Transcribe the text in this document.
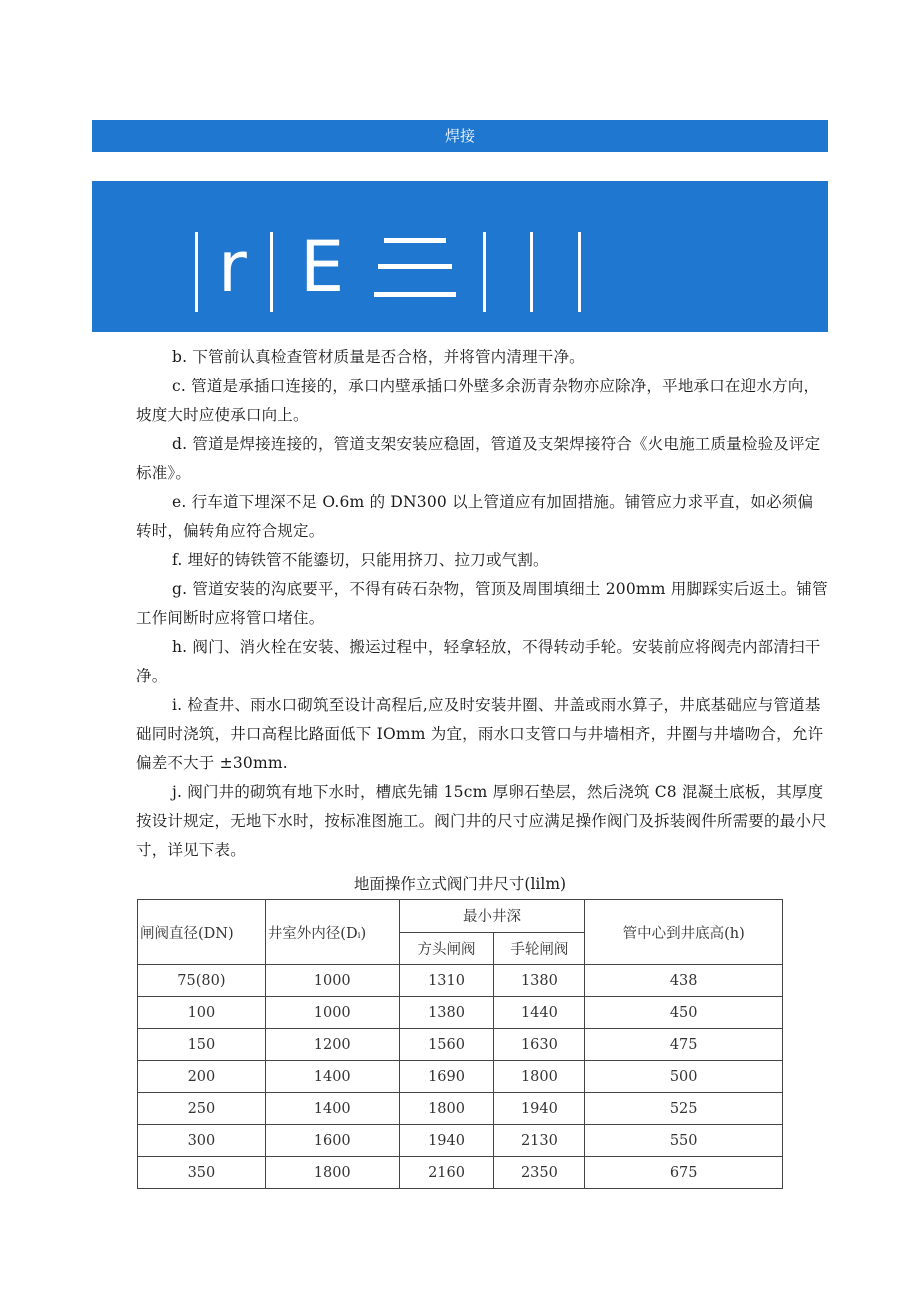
焊接
r E

b. 下管前认真检查管材质量是否合格，并将管内清理干净。

c. 管道是承插口连接的，承口内壁承插口外壁多余沥青杂物亦应除净，平地承口在迎水方向，坡度大时应使承口向上。

d. 管道是焊接连接的，管道支架安装应稳固，管道及支架焊接符合《火电施工质量检验及评定标准》。

e. 行车道下埋深不足 O.6m 的 DN300 以上管道应有加固措施。铺管应力求平直，如必须偏转时，偏转角应符合规定。

f. 埋好的铸铁管不能鎏切，只能用挤刀、拉刀或气割。

g. 管道安装的沟底要平，不得有砖石杂物，管顶及周围填细土 200mm 用脚踩实后返土。铺管工作间断时应将管口堵住。

h. 阀门、消火栓在安装、搬运过程中，轻拿轻放，不得转动手轮。安装前应将阀壳内部清扫干净。

i. 检查井、雨水口砌筑至设计高程后,应及时安装井圈、井盖或雨水算子，井底基础应与管道基础同时浇筑，井口高程比路面低下 IOmm 为宜，雨水口支管口与井墙相齐，井圈与井墙吻合，允许偏差不大于 ±30mm.

j. 阀门井的砌筑有地下水时，槽底先铺 15cm 厚卵石垫层，然后浇筑 C8 混凝土底板，其厚度按设计规定，无地下水时，按标准图施工。阀门井的尺寸应满足操作阀门及拆装阀件所需要的最小尺寸，详见下表。

地面操作立式阀门井尺寸(lilm)
闸阀直径(DN)	井室外内径(Dᵢ)	最小井深		管中心到井底高(h)
		方头闸阀	手轮闸阀	
75(80)	1000	1310	1380	438
100	1000	1380	1440	450
150	1200	1560	1630	475
200	1400	1690	1800	500
250	1400	1800	1940	525
300	1600	1940	2130	550
350	1800	2160	2350	675
